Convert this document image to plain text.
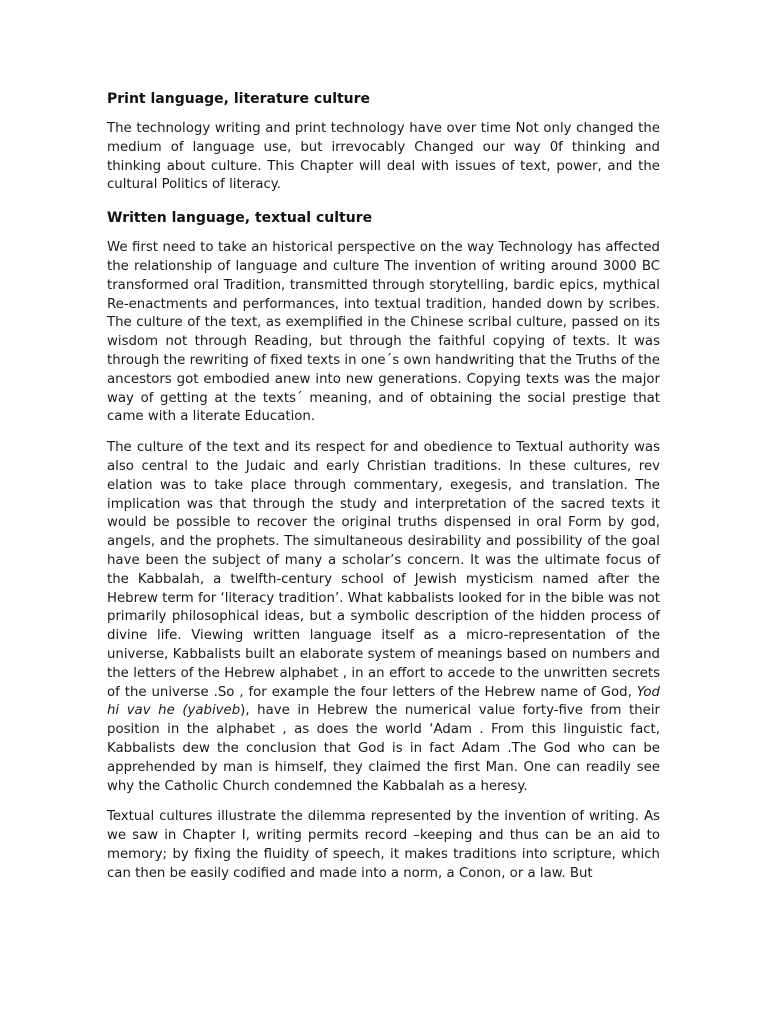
Print language, literature culture

The technology writing and print technology have over time Not only changed the medium of language use, but irrevocably Changed our way 0f thinking and thinking about culture. This Chapter will deal with issues of text, power, and the cultural Politics of literacy.

Written language, textual culture

We first need to take an historical perspective on the way Technology has affected the relationship of language and culture The invention of writing around 3000 BC transformed oral Tradition, transmitted through storytelling, bardic epics, mythical Re-enactments and performances, into textual tradition, handed down by scribes. The culture of the text, as exemplified in the Chinese scribal culture, passed on its wisdom not through Reading, but through the faithful copying of texts. It was through the rewriting of fixed texts in one´s own handwriting that the Truths of the ancestors got embodied anew into new generations. Copying texts was the major way of getting at the texts´ meaning, and of obtaining the social prestige that came with a literate Education.

The culture of the text and its respect for and obedience to Textual authority was also central to the Judaic and early Christian traditions. In these cultures, rev elation was to take place through commentary, exegesis, and translation. The implication was that through the study and interpretation of the sacred texts it would be possible to recover the original truths dispensed in oral Form by god, angels, and the prophets. The simultaneous desirability and possibility of the goal have been the subject of many a scholar’s concern. It was the ultimate focus of the Kabbalah, a twelfth-century school of Jewish mysticism named after the Hebrew term for ‘literacy tradition’. What kabbalists looked for in the bible was not primarily philosophical ideas, but a symbolic description of the hidden process of divine life. Viewing written language itself as a micro-representation of the universe, Kabbalists built an elaborate system of meanings based on numbers and the letters of the Hebrew alphabet , in an effort to accede to the unwritten secrets of the universe .So , for example the four letters of the Hebrew name of God, Yod hi vav he (yabiveb), have in Hebrew the numerical value forty-five from their position in the alphabet , as does the world ‘Adam . From this linguistic fact, Kabbalists dew the conclusion that God is in fact Adam .The God who can be apprehended by man is himself, they claimed the first Man. One can readily see why the Catholic Church condemned the Kabbalah as a heresy.

Textual cultures illustrate the dilemma represented by the invention of writing. As we saw in Chapter I, writing permits record –keeping and thus can be an aid to memory; by fixing the fluidity of speech, it makes traditions into scripture, which can then be easily codified and made into a norm, a Conon, or a law. But
